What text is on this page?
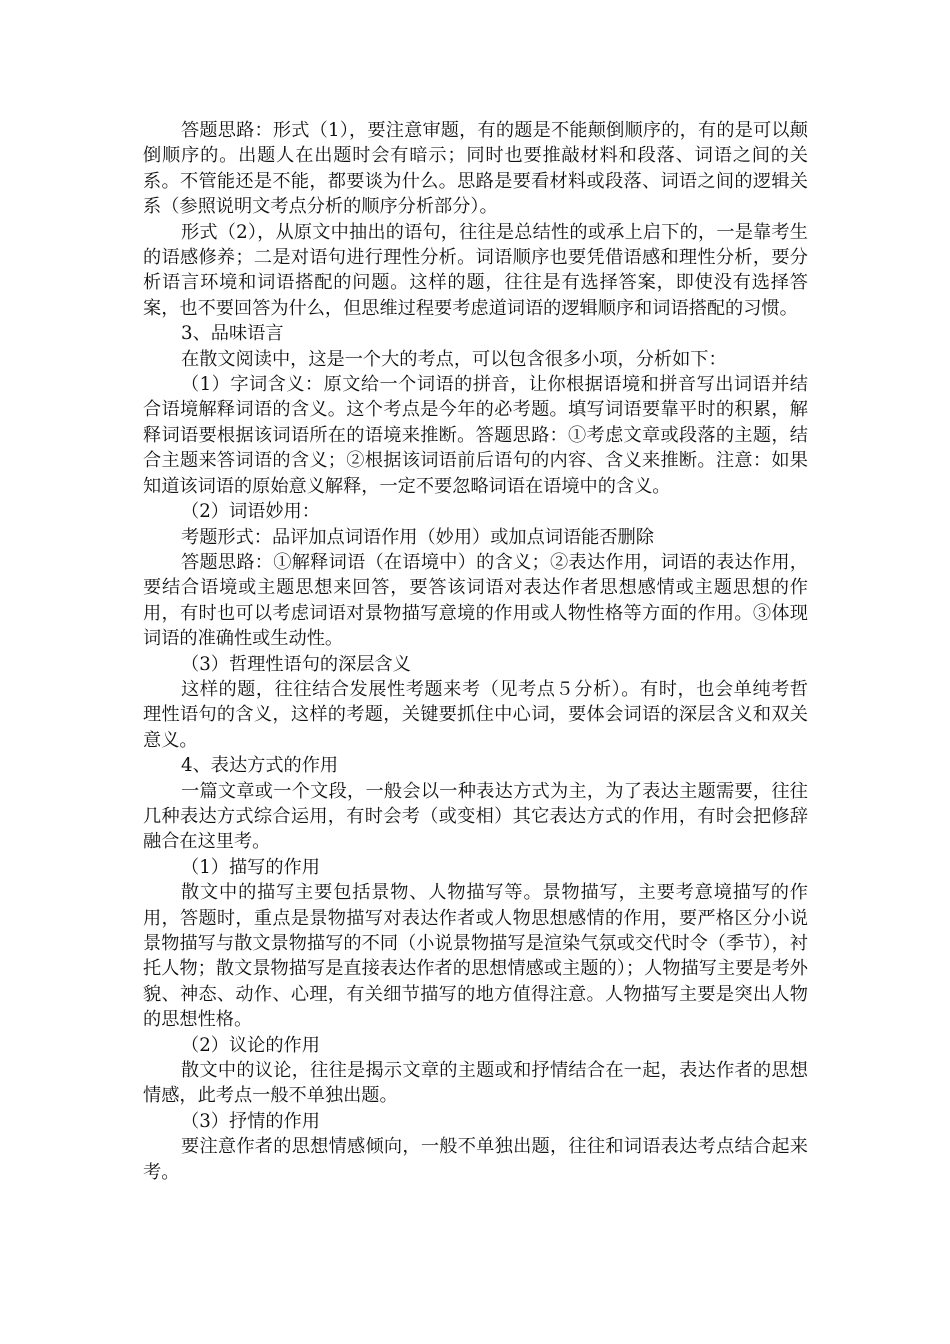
答题思路：形式（1），要注意审题，有的题是不能颠倒顺序的，有的是可以颠倒顺序的。出题人在出题时会有暗示；同时也要推敲材料和段落、词语之间的关系。不管能还是不能，都要谈为什么。思路是要看材料或段落、词语之间的逻辑关系（参照说明文考点分析的顺序分析部分）。

形式（2），从原文中抽出的语句，往往是总结性的或承上启下的，一是靠考生的语感修养；二是对语句进行理性分析。词语顺序也要凭借语感和理性分析，要分析语言环境和词语搭配的问题。这样的题，往往是有选择答案，即使没有选择答案，也不要回答为什么，但思维过程要考虑道词语的逻辑顺序和词语搭配的习惯。

3、品味语言

在散文阅读中，这是一个大的考点，可以包含很多小项，分析如下：

（1）字词含义：原文给一个词语的拼音，让你根据语境和拼音写出词语并结合语境解释词语的含义。这个考点是今年的必考题。填写词语要靠平时的积累，解释词语要根据该词语所在的语境来推断。答题思路：①考虑文章或段落的主题，结合主题来答词语的含义；②根据该词语前后语句的内容、含义来推断。注意：如果知道该词语的原始意义解释，一定不要忽略词语在语境中的含义。

（2）词语妙用：

考题形式：品评加点词语作用（妙用）或加点词语能否删除

答题思路：①解释词语（在语境中）的含义；②表达作用，词语的表达作用，要结合语境或主题思想来回答，要答该词语对表达作者思想感情或主题思想的作用，有时也可以考虑词语对景物描写意境的作用或人物性格等方面的作用。③体现词语的准确性或生动性。

（3）哲理性语句的深层含义

这样的题，往往结合发展性考题来考（见考点５分析）。有时，也会单纯考哲理性语句的含义，这样的考题，关键要抓住中心词，要体会词语的深层含义和双关意义。

4、表达方式的作用

一篇文章或一个文段，一般会以一种表达方式为主，为了表达主题需要，往往几种表达方式综合运用，有时会考（或变相）其它表达方式的作用，有时会把修辞融合在这里考。

（1）描写的作用

散文中的描写主要包括景物、人物描写等。景物描写，主要考意境描写的作用，答题时，重点是景物描写对表达作者或人物思想感情的作用，要严格区分小说景物描写与散文景物描写的不同（小说景物描写是渲染气氛或交代时令（季节），衬托人物；散文景物描写是直接表达作者的思想情感或主题的）；人物描写主要是考外貌、神态、动作、心理，有关细节描写的地方值得注意。人物描写主要是突出人物的思想性格。

（2）议论的作用

散文中的议论，往往是揭示文章的主题或和抒情结合在一起，表达作者的思想情感，此考点一般不单独出题。

（3）抒情的作用

要注意作者的思想情感倾向，一般不单独出题，往往和词语表达考点结合起来考。
